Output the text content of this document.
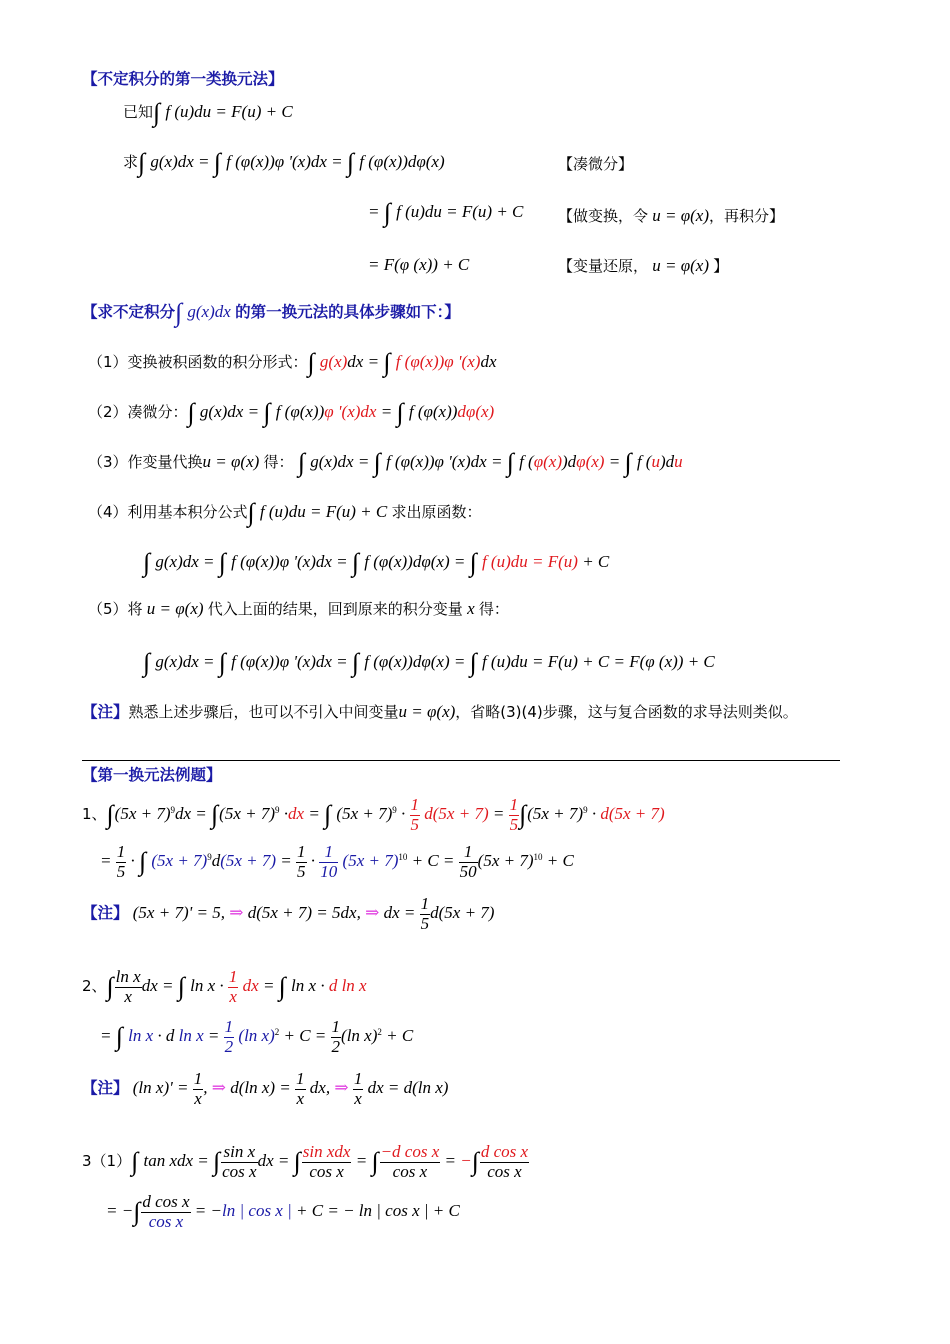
【不定积分的第一类换元法】
已知∫ f (u)du = F(u) + C
求∫ g(x)dx = ∫ f (φ(x))φ '(x)dx = ∫ f (φ(x))dφ(x)	【凑微分】
= ∫ f (u)du = F(u) + C 【做变换，令 u = φ(x)，再积分】
= F(φ (x)) + C	【变量还原， u = φ(x) 】
【求不定积分∫ g(x)dx 的第一换元法的具体步骤如下：】
（1）变换被积函数的积分形式：∫ g(x)dx = ∫ f (φ(x))φ '(x)dx
（2）凑微分：∫ g(x)dx = ∫ f (φ(x))φ '(x)dx = ∫ f (φ(x))dφ(x)
（3）作变量代换u = φ(x) 得： ∫ g(x)dx = ∫ f (φ(x))φ '(x)dx = ∫ f (φ(x))dφ(x) = ∫ f (u)du
（4）利用基本积分公式∫ f (u)du = F(u) + C 求出原函数：
∫ g(x)dx = ∫ f (φ(x))φ '(x)dx = ∫ f (φ(x))dφ(x) = ∫ f (u)du = F(u) + C
（5）将 u = φ(x) 代入上面的结果，回到原来的积分变量 x 得：
∫ g(x)dx = ∫ f (φ(x))φ '(x)dx = ∫ f (φ(x))dφ(x) = ∫ f (u)du = F(u) + C = F(φ (x)) + C
【注】熟悉上述步骤后，也可以不引入中间变量u = φ(x)，省略(3)(4)步骤，这与复合函数的求导法则类似。
【第一换元法例题】
1、$\int(5x + 7)^9dx = \int(5x + 7)^9 \cdot dx$ = ∫ $(5x + 7)^9 \cdot \frac{1}{5} d(5x + 7) = \frac{1}{5} \int(5x + 7)^9 \cdot d(5x + 7)$
= $\frac{1}{5}$ · ∫ $(5x + 7)^9d(5x + 7) = \frac{1}{5} \cdot \frac{1}{10} (5x + 7)^{10} + C = \frac{1}{50} (5x + 7)^{10} + C$
【注】 (5x + 7)' = 5, ⇒ d(5x + 7) = 5dx, ⇒ dx = $\frac{1}{5} d(5x + 7)$
2、∫ $\frac{\text{ln x}}{x}$ dx = ∫ $\ln x \cdot \frac{1}{x}$ dx = ∫ ln x · d ln x
= ∫ ln x · d $\ln x = \frac{1}{2} (\ln$ $x)^2 + C = \frac{1}{2} (\ln$ x)$^2$ + C
【注】 (ln $x)' = \frac{1}{x}$ , ⇒ d(ln $x) = \frac{1}{x}$ dx, ⇒ $\frac{1}{x}$ dx = d(ln x)
3（1）∫ tan xdx = ∫ $\frac{\text{sin x}}{\text{cos x}}$ dx = ∫ sin xdx
cos x
= ∫ $\frac{\text{−d cos x}}{\text{cos x}}$ = −∫ $\frac{\text{d cos x}}{\text{cos x}}$
= −∫ $\frac{\text{d cos x}}{\text{cos x}} = -\ln$ | cos x | + C = − ln | cos x | + C
